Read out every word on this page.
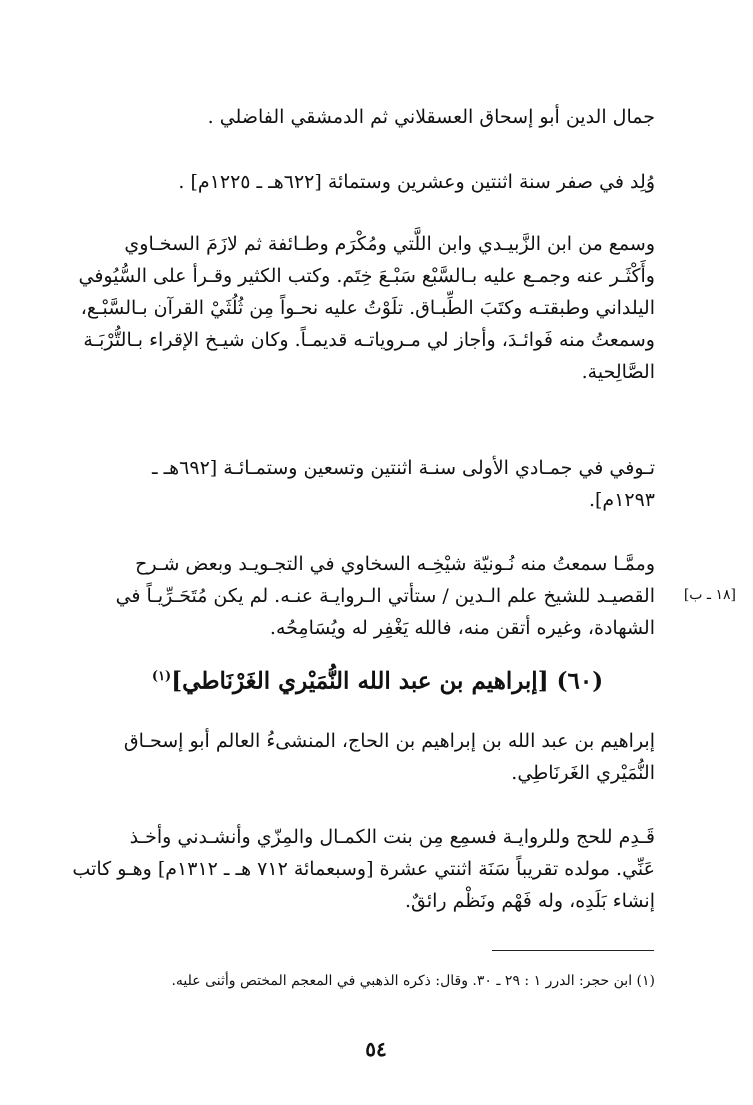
جمال الدين أبو إسحاق العسقلاني ثم الدمشقي الفاضلي .
وُلِد في صفر سنة اثنتين وعشرين وستمائة [٦٢٢هـ ـ ١٢٢٥م] .
وسمع من ابن الزَّبيـدي وابن اللَّتي ومُكْرَم وطـائفة ثم لازَمَ السخـاوي
وأَكْثَـر عنه وجمـع عليه بـالسَّبْع سَبْـعَ خِتَم. وكتب الكثير وقـرأ على السُّيُوفي
اليلداني وطبقتـه وكتَبَ الطِّبـاق. تلَوْتُ عليه نحـواً مِن ثُلُثَيْ القرآن بـالسَّبْـع،
وسمعتُ منه فَوائـدَ، وأجاز لي مـروياتـه قديمـاً. وكان شيـخ الإقراء بـالتُّرْبَـة
الصَّالِحية.
تـوفي في جمـادي الأولى سنـة اثنتين وتسعين وستمـائـة [٦٩٢هـ ـ
١٢٩٣م].
وممَّـا سمعتُ منه نُـونيّة شيْخِـه السخاوي في التجـويـد وبعض شـرح
القصيـد للشيخ علم الـدين / ستأتي الـروايـة عنـه. لم يكن مُتَحَـرِّيـاً في
الشهادة، وغيره أتقن منه، فالله يَغْفِر له ويُسَامِحُه.
[١٨ ـ ب]
(٦٠) [إبراهيم بن عبد الله النُّمَيْري الغَرْنَاطي]$^{(١)}$
إبراهيم بن عبد الله بن إبراهيم بن الحاج، المنشىءُ العالم أبو إسحـاق
النُّمَيْري الغَرنَاطِي.
قَـدِم للحج وللروايـة فسمِع مِن بنت الكمـال والمِزّي وأنشـدني وأخـذ
عَنِّي. مولده تقريباً سَنَة اثنتي عشرة [وسبعمائة ٧١٢ هـ ـ ١٣١٢م] وهـو كاتب
إنشاء بَلَدِه، وله فَهْم ونَظْم رائقٌ.
(١) ابن حجر: الدرر ١ : ٢٩ ـ ٣٠. وقال: ذكره الذهبي في المعجم المختص وأثنى عليه.
٥٤
